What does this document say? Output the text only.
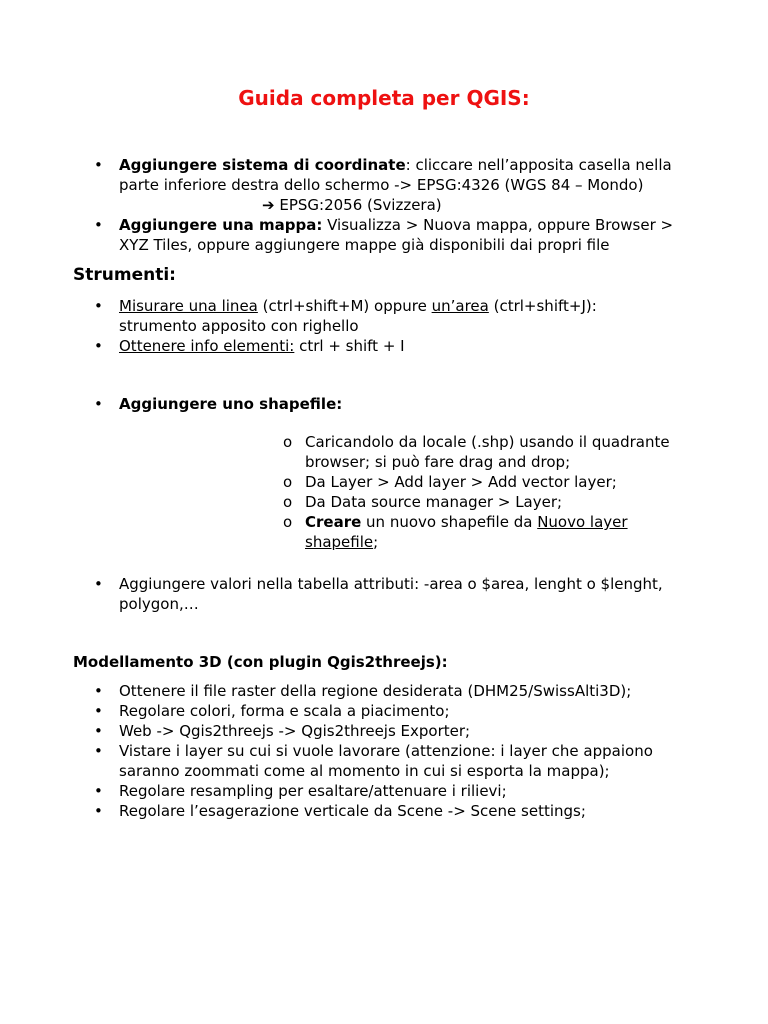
Guida completa per QGIS:
• Aggiungere sistema di coordinate: cliccare nell’apposita casella nella
parte inferiore destra dello schermo -> EPSG:4326 (WGS 84 – Mondo)
➔ EPSG:2056 (Svizzera)
• Aggiungere una mappa: Visualizza > Nuova mappa, oppure Browser >
XYZ Tiles, oppure aggiungere mappe già disponibili dai propri file
Strumenti:
• Misurare una linea (ctrl+shift+M) oppure un’area (ctrl+shift+J):
strumento apposito con righello
• Ottenere info elementi: ctrl + shift + I
• Aggiungere uno shapefile:
o Caricandolo da locale (.shp) usando il quadrante
browser; si può fare drag and drop;
o Da Layer > Add layer > Add vector layer;
o Da Data source manager > Layer;
o Creare un nuovo shapefile da Nuovo layer
shapefile;
• Aggiungere valori nella tabella attributi: -area o $area, lenght o $lenght,
polygon,…
Modellamento 3D (con plugin Qgis2threejs):
• Ottenere il file raster della regione desiderata (DHM25/SwissAlti3D);
• Regolare colori, forma e scala a piacimento;
• Web -> Qgis2threejs -> Qgis2threejs Exporter;
• Vistare i layer su cui si vuole lavorare (attenzione: i layer che appaiono
saranno zoommati come al momento in cui si esporta la mappa);
• Regolare resampling per esaltare/attenuare i rilievi;
• Regolare l’esagerazione verticale da Scene -> Scene settings;
